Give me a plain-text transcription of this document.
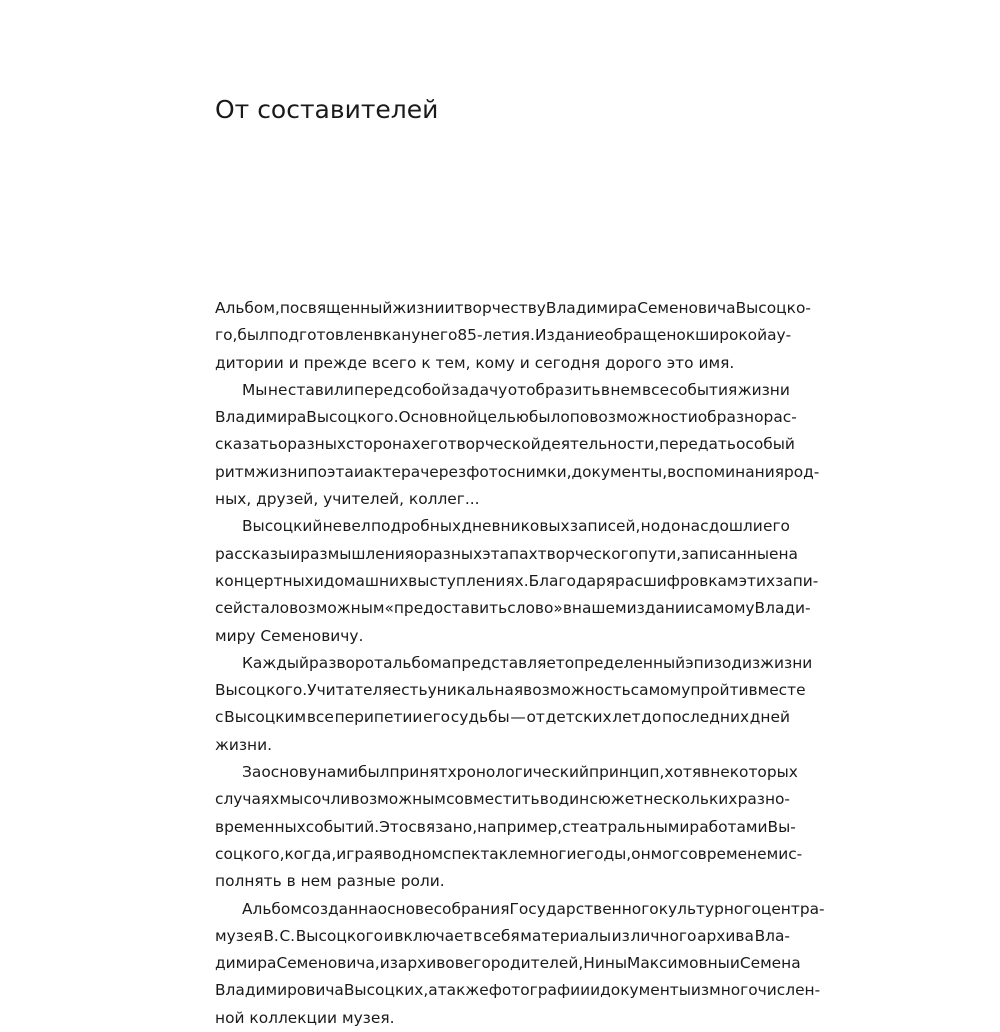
От составителей
Альбом, посвященный жизни и творчеству Владимира Семеновича Высоцко-
го, был подготовлен в канун его 85-летия. Издание обращено к широкой ау-
дитории и прежде всего к тем, кому и сегодня дорого это имя.
Мы не ставили перед собой задачу отобразить в нем все события жизни
Владимира Высоцкого. Основной целью было по возможности образно рас-
сказать о разных сторонах его творческой деятельности, передать особый
ритм жизни поэта и актера через фотоснимки, документы, воспоминания род-
ных, друзей, учителей, коллег...
Высоцкий не вел подробных дневниковых записей, но до нас дошли его
рассказы и размышления о разных этапах творческого пути, записанные на
концертных и домашних выступлениях. Благодаря расшифровкам этих запи-
сей стало возможным «предоставить слово» в нашем издании самому Влади-
миру Семеновичу.
Каждый разворот альбома представляет определенный эпизод из жизни
Высоцкого. У читателя есть уникальная возможность самому пройти вместе
с Высоцким все перипетии его судьбы — от детских лет до последних дней
жизни.
За основу нами был принят хронологический принцип, хотя в некоторых
случаях мы сочли возможным совместить в один сюжет нескольких разно-
временных событий. Это связано, например, с театральными работами Вы-
соцкого, когда, играя в одном спектакле многие годы, он мог со временем ис-
полнять в нем разные роли.
Альбом создан на основе собрания Государственного культурного центра-
музея В. С. Высоцкого и включает в себя материалы из личного архива Вла-
димира Семеновича, из архивов его родителей, Нины Максимовны и Семена
Владимировича Высоцких, а также фотографии и документы из многочислен-
ной коллекции музея.
